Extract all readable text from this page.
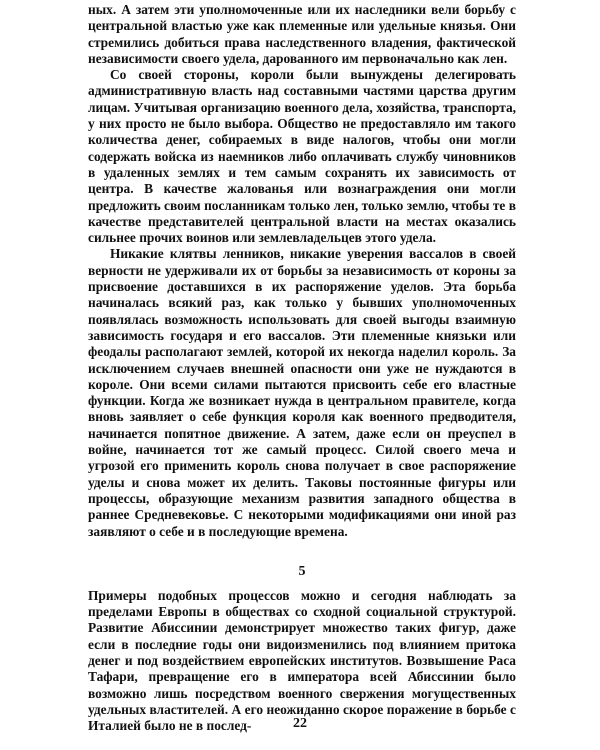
ных. А затем эти уполномоченные или их наследники вели борьбу с центральной властью уже как племенные или удельные князья. Они стремились добиться права наследственного владения, фактической независимости своего удела, дарованного им первоначально как лен.

Со своей стороны, короли были вынуждены делегировать административную власть над составными частями царства другим лицам. Учитывая организацию военного дела, хозяйства, транспорта, у них просто не было выбора. Общество не предоставляло им такого количества денег, собираемых в виде налогов, чтобы они могли содержать войска из наемников либо оплачивать службу чиновников в удаленных землях и тем самым сохранять их зависимость от центра. В качестве жалованья или вознаграждения они могли предложить своим посланникам только лен, только землю, чтобы те в качестве представителей центральной власти на местах оказались сильнее прочих воинов или землевладельцев этого удела.

Никакие клятвы ленников, никакие уверения вассалов в своей верности не удерживали их от борьбы за независимость от короны за присвоение доставшихся в их распоряжение уделов. Эта борьба начиналась всякий раз, как только у бывших уполномоченных появлялась возможность использовать для своей выгоды взаимную зависимость государя и его вассалов. Эти племенные князьки или феодалы располагают землей, которой их некогда наделил король. За исключением случаев внешней опасности они уже не нуждаются в короле. Они всеми силами пытаются присвоить себе его властные функции. Когда же возникает нужда в центральном правителе, когда вновь заявляет о себе функция короля как военного предводителя, начинается попятное движение. А затем, даже если он преуспел в войне, начинается тот же самый процесс. Силой своего меча и угрозой его применить король снова получает в свое распоряжение уделы и снова может их делить. Таковы постоянные фигуры или процессы, образующие механизм развития западного общества в раннее Средневековье. С некоторыми модификациями они иной раз заявляют о себе и в последующие времена.

5

Примеры подобных процессов можно и сегодня наблюдать за пределами Европы в обществах со сходной социальной структурой. Развитие Абиссинии демонстрирует множество таких фигур, даже если в последние годы они видоизменились под влиянием притока денег и под воздействием европейских институтов. Возвышение Раса Тафари, превращение его в императора всей Абиссинии было возможно лишь посредством военного свержения могущественных удельных властителей. А его неожиданно скорое поражение в борьбе с Италией было не в послед-	22
